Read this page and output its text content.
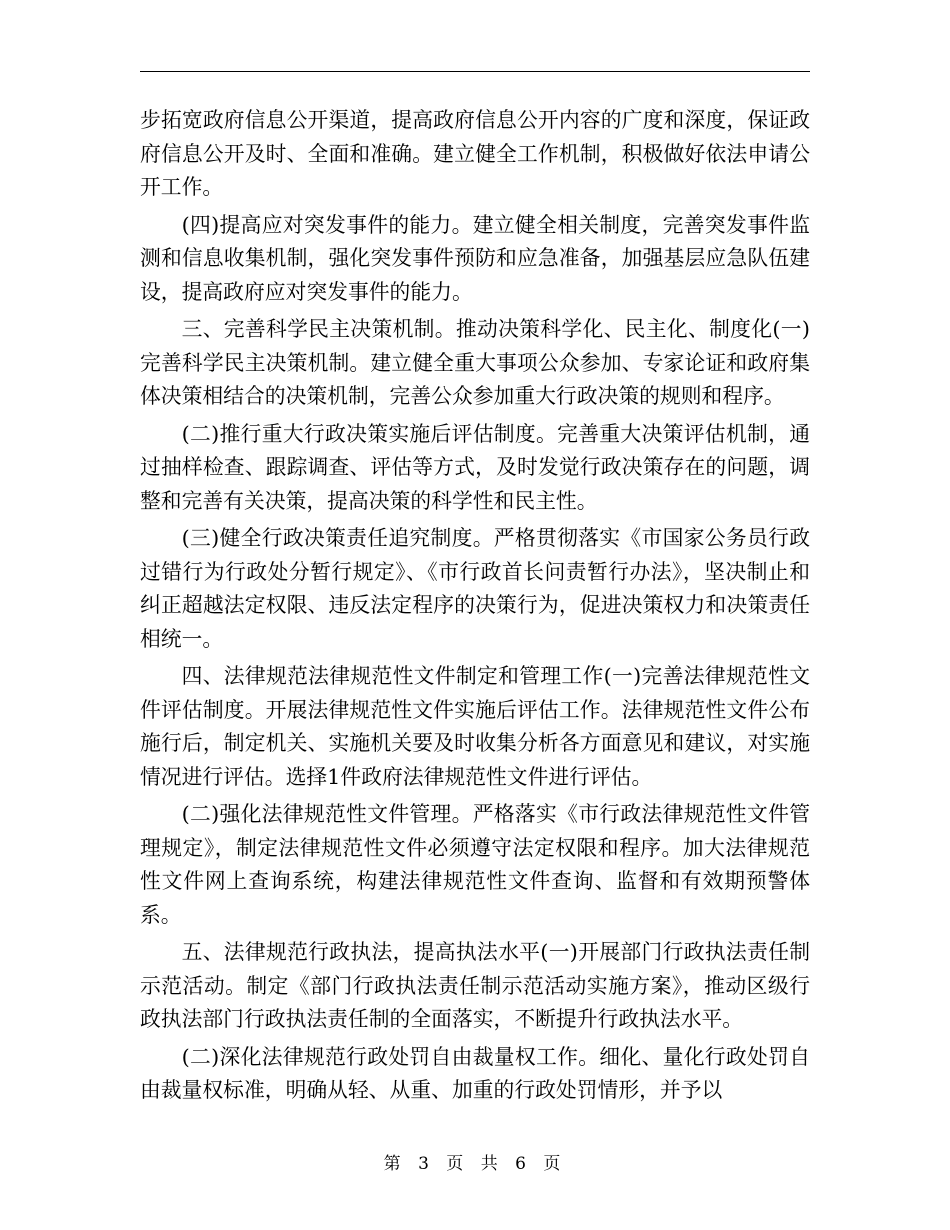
步拓宽政府信息公开渠道，提高政府信息公开内容的广度和深度，保证政府信息公开及时、全面和准确。建立健全工作机制，积极做好依法申请公开工作。

(四)提高应对突发事件的能力。建立健全相关制度，完善突发事件监测和信息收集机制，强化突发事件预防和应急准备，加强基层应急队伍建设，提高政府应对突发事件的能力。

三、完善科学民主决策机制。推动决策科学化、民主化、制度化(一)完善科学民主决策机制。建立健全重大事项公众参加、专家论证和政府集体决策相结合的决策机制，完善公众参加重大行政决策的规则和程序。

(二)推行重大行政决策实施后评估制度。完善重大决策评估机制，通过抽样检查、跟踪调查、评估等方式，及时发觉行政决策存在的问题，调整和完善有关决策，提高决策的科学性和民主性。

(三)健全行政决策责任追究制度。严格贯彻落实《市国家公务员行政过错行为行政处分暂行规定》、《市行政首长问责暂行办法》，坚决制止和纠正超越法定权限、违反法定程序的决策行为，促进决策权力和决策责任相统一。

四、法律规范法律规范性文件制定和管理工作(一)完善法律规范性文件评估制度。开展法律规范性文件实施后评估工作。法律规范性文件公布施行后，制定机关、实施机关要及时收集分析各方面意见和建议，对实施情况进行评估。选择1件政府法律规范性文件进行评估。

(二)强化法律规范性文件管理。严格落实《市行政法律规范性文件管理规定》，制定法律规范性文件必须遵守法定权限和程序。加大法律规范性文件网上查询系统，构建法律规范性文件查询、监督和有效期预警体系。

五、法律规范行政执法，提高执法水平(一)开展部门行政执法责任制示范活动。制定《部门行政执法责任制示范活动实施方案》，推动区级行政执法部门行政执法责任制的全面落实，不断提升行政执法水平。

(二)深化法律规范行政处罚自由裁量权工作。细化、量化行政处罚自由裁量权标准，明确从轻、从重、加重的行政处罚情形，并予以

第 3 页 共 6 页
